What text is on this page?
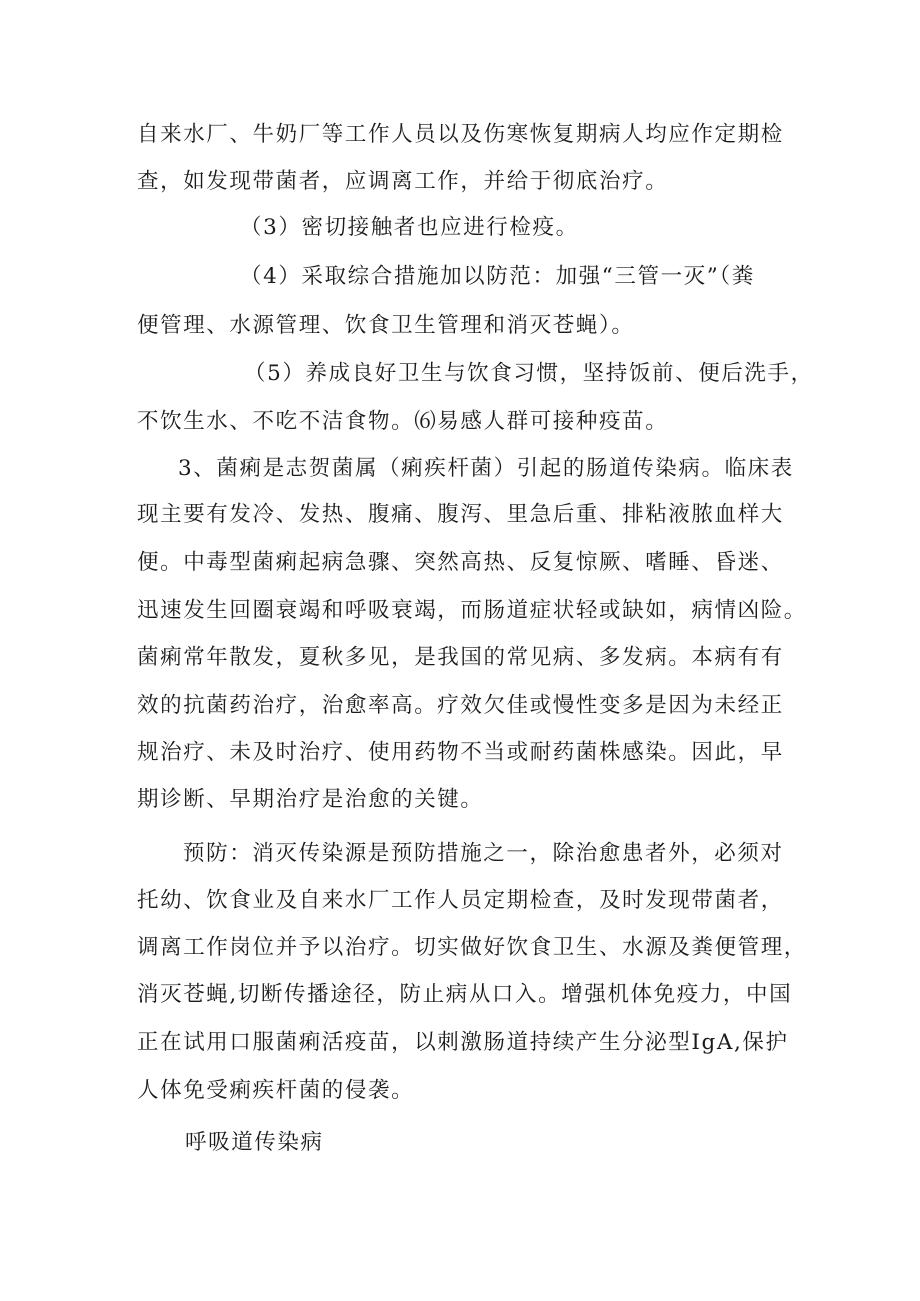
自来水厂、牛奶厂等工作人员以及伤寒恢复期病人均应作定期检
查，如发现带菌者，应调离工作，并给于彻底治疗。
（3）密切接触者也应进行检疫。
（4）采取综合措施加以防范：加强“三管一灭”（粪
便管理、水源管理、饮食卫生管理和消灭苍蝇）。
（5）养成良好卫生与饮食习惯，坚持饭前、便后洗手，
不饮生水、不吃不洁食物。⑹易感人群可接种疫苗。
3、菌痢是志贺菌属（痢疾杆菌）引起的肠道传染病。临床表
现主要有发冷、发热、腹痛、腹泻、里急后重、排粘液脓血样大
便。中毒型菌痢起病急骤、突然高热、反复惊厥、嗜睡、昏迷、
迅速发生回圈衰竭和呼吸衰竭，而肠道症状轻或缺如，病情凶险。
菌痢常年散发，夏秋多见，是我国的常见病、多发病。本病有有
效的抗菌药治疗，治愈率高。疗效欠佳或慢性变多是因为未经正
规治疗、未及时治疗、使用药物不当或耐药菌株感染。因此，早
期诊断、早期治疗是治愈的关键。
预防：消灭传染源是预防措施之一，除治愈患者外，必须对
托幼、饮食业及自来水厂工作人员定期检查，及时发现带菌者，
调离工作岗位并予以治疗。切实做好饮食卫生、水源及粪便管理，
消灭苍蝇,切断传播途径，防止病从口入。增强机体免疫力，中国
正在试用口服菌痢活疫苗，以刺激肠道持续产生分泌型IgA,保护
人体免受痢疾杆菌的侵袭。
呼吸道传染病
